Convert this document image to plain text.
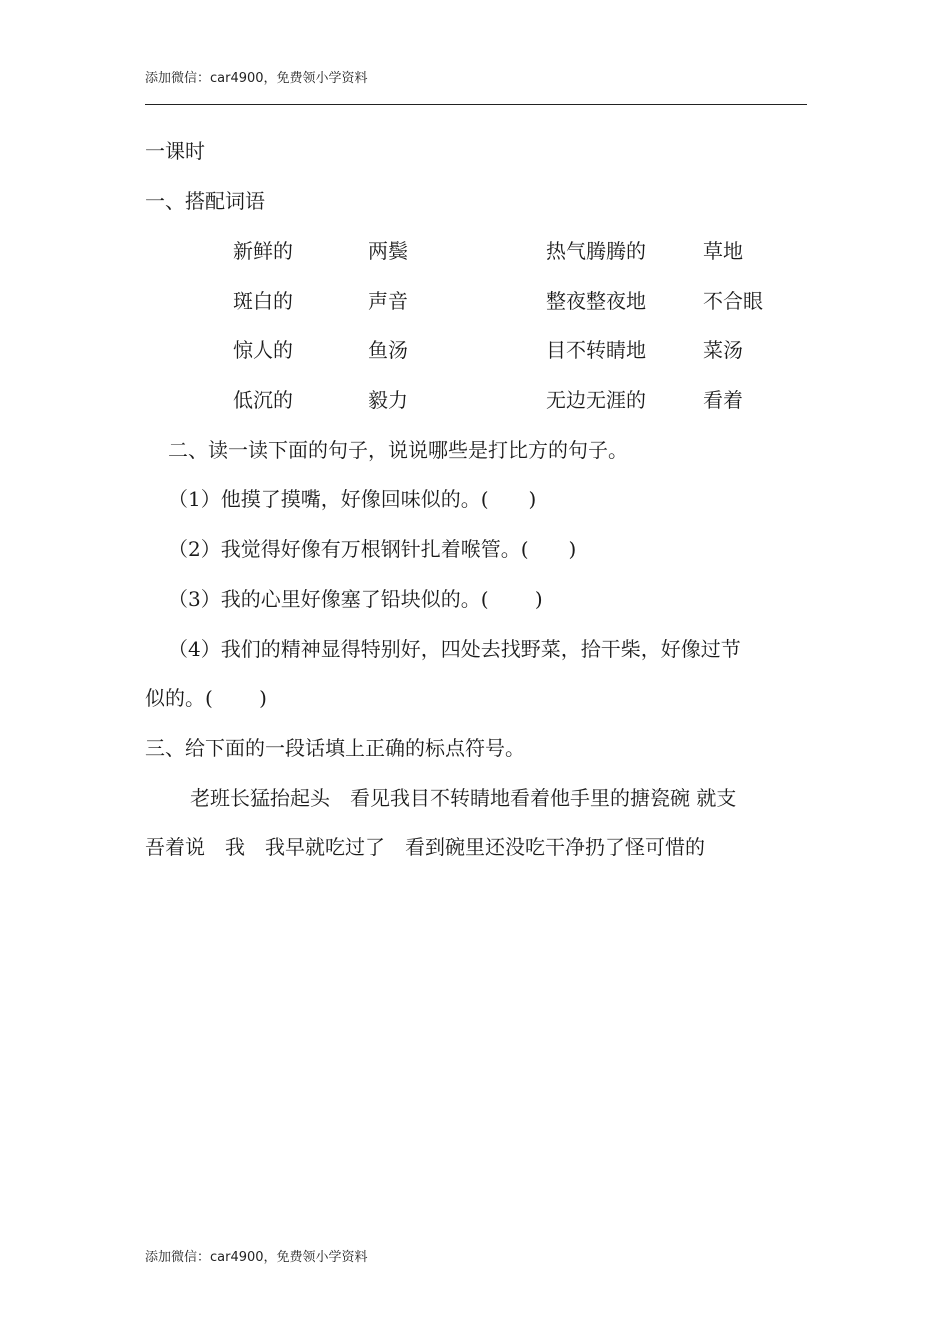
添加微信：car4900，免费领小学资料
一课时
一、搭配词语
新鲜的	两鬓	热气腾腾的	草地
斑白的	声音	整夜整夜地	不合眼
惊人的	鱼汤	目不转睛地	菜汤
低沉的	毅力	无边无涯的	看着
二、读一读下面的句子，说说哪些是打比方的句子。
（1）他摸了摸嘴，好像回味似的。(　　)
（2）我觉得好像有万根钢针扎着喉管。(　　)
（3）我的心里好像塞了铅块似的。(　　 )
（4）我们的精神显得特别好，四处去找野菜，拾干柴，好像过节
似的。(　　 )
三、给下面的一段话填上正确的标点符号。
老班长猛抬起头　看见我目不转睛地看着他手里的搪瓷碗 就支
吾着说　我　我早就吃过了　看到碗里还没吃干净扔了怪可惜的
添加微信：car4900，免费领小学资料
